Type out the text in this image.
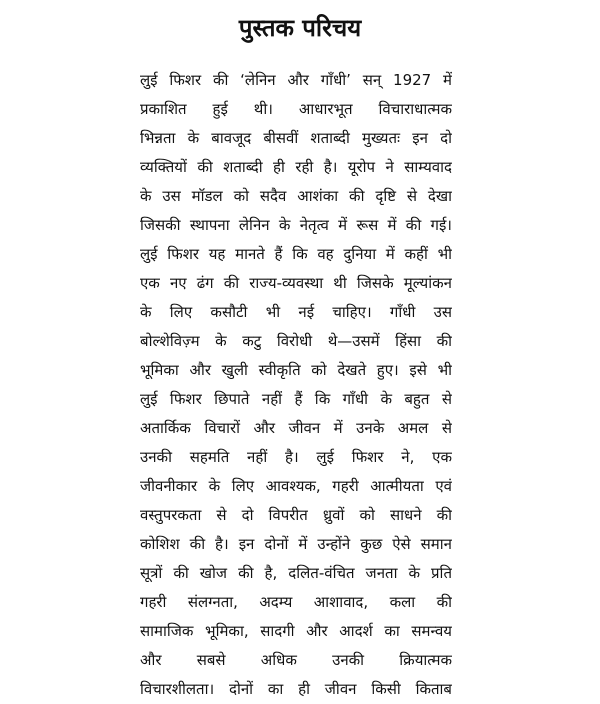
पुस्तक परिचय
लुई फिशर की ‘लेनिन और गाँधी’ सन् 1927 में
प्रकाशित हुई थी। आधारभूत विचाराधात्मक
भिन्नता के बावजूद बीसवीं शताब्दी मुख्यतः इन दो
व्यक्तियों की शताब्दी ही रही है। यूरोप ने साम्यवाद
के उस मॉडल को सदैव आशंका की दृष्टि से देखा
जिसकी स्थापना लेनिन के नेतृत्व में रूस में की गई।
लुई फिशर यह मानते हैं कि वह दुनिया में कहीं भी
एक नए ढंग की राज्य-व्यवस्था थी जिसके मूल्यांकन
के लिए कसौटी भी नई चाहिए। गाँधी उस
बोल्शेविज़्म के कटु विरोधी थे—उसमें हिंसा की
भूमिका और खुली स्वीकृति को देखते हुए। इसे भी
लुई फिशर छिपाते नहीं हैं कि गाँधी के बहुत से
अतार्किक विचारों और जीवन में उनके अमल से
उनकी सहमति नहीं है। लुई फिशर ने, एक
जीवनीकार के लिए आवश्यक, गहरी आत्मीयता एवं
वस्तुपरकता से दो विपरीत ध्रुवों को साधने की
कोशिश की है। इन दोनों में उन्होंने कुछ ऐसे समान
सूत्रों की खोज की है, दलित-वंचित जनता के प्रति
गहरी संलग्नता, अदम्य आशावाद, कला की
सामाजिक भूमिका, सादगी और आदर्श का समन्वय
और सबसे अधिक उनकी क्रियात्मक
विचारशीलता। दोनों का ही जीवन किसी किताब
